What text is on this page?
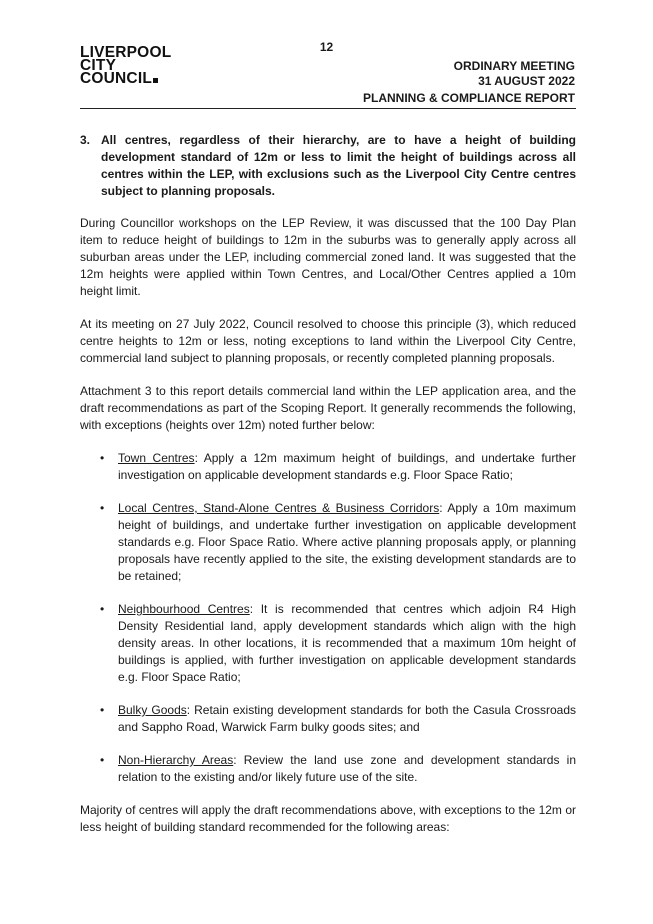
12
LIVERPOOL
CITY
COUNCIL
ORDINARY MEETING
31 AUGUST 2022
PLANNING & COMPLIANCE REPORT
3. All centres, regardless of their hierarchy, are to have a height of building development standard of 12m or less to limit the height of buildings across all centres within the LEP, with exclusions such as the Liverpool City Centre centres subject to planning proposals.

During Councillor workshops on the LEP Review, it was discussed that the 100 Day Plan item to reduce height of buildings to 12m in the suburbs was to generally apply across all suburban areas under the LEP, including commercial zoned land. It was suggested that the 12m heights were applied within Town Centres, and Local/Other Centres applied a 10m height limit.

At its meeting on 27 July 2022, Council resolved to choose this principle (3), which reduced centre heights to 12m or less, noting exceptions to land within the Liverpool City Centre, commercial land subject to planning proposals, or recently completed planning proposals.

Attachment 3 to this report details commercial land within the LEP application area, and the draft recommendations as part of the Scoping Report. It generally recommends the following, with exceptions (heights over 12m) noted further below:

•	Town Centres: Apply a 12m maximum height of buildings, and undertake further investigation on applicable development standards e.g. Floor Space Ratio;
•	Local Centres, Stand-Alone Centres & Business Corridors: Apply a 10m maximum height of buildings, and undertake further investigation on applicable development standards e.g. Floor Space Ratio. Where active planning proposals apply, or planning proposals have recently applied to the site, the existing development standards are to be retained;
•	Neighbourhood Centres: It is recommended that centres which adjoin R4 High Density Residential land, apply development standards which align with the high density areas. In other locations, it is recommended that a maximum 10m height of buildings is applied, with further investigation on applicable development standards e.g. Floor Space Ratio;
•	Bulky Goods: Retain existing development standards for both the Casula Crossroads and Sappho Road, Warwick Farm bulky goods sites; and
•	Non-Hierarchy Areas: Review the land use zone and development standards in relation to the existing and/or likely future use of the site.

Majority of centres will apply the draft recommendations above, with exceptions to the 12m or less height of building standard recommended for the following areas:
